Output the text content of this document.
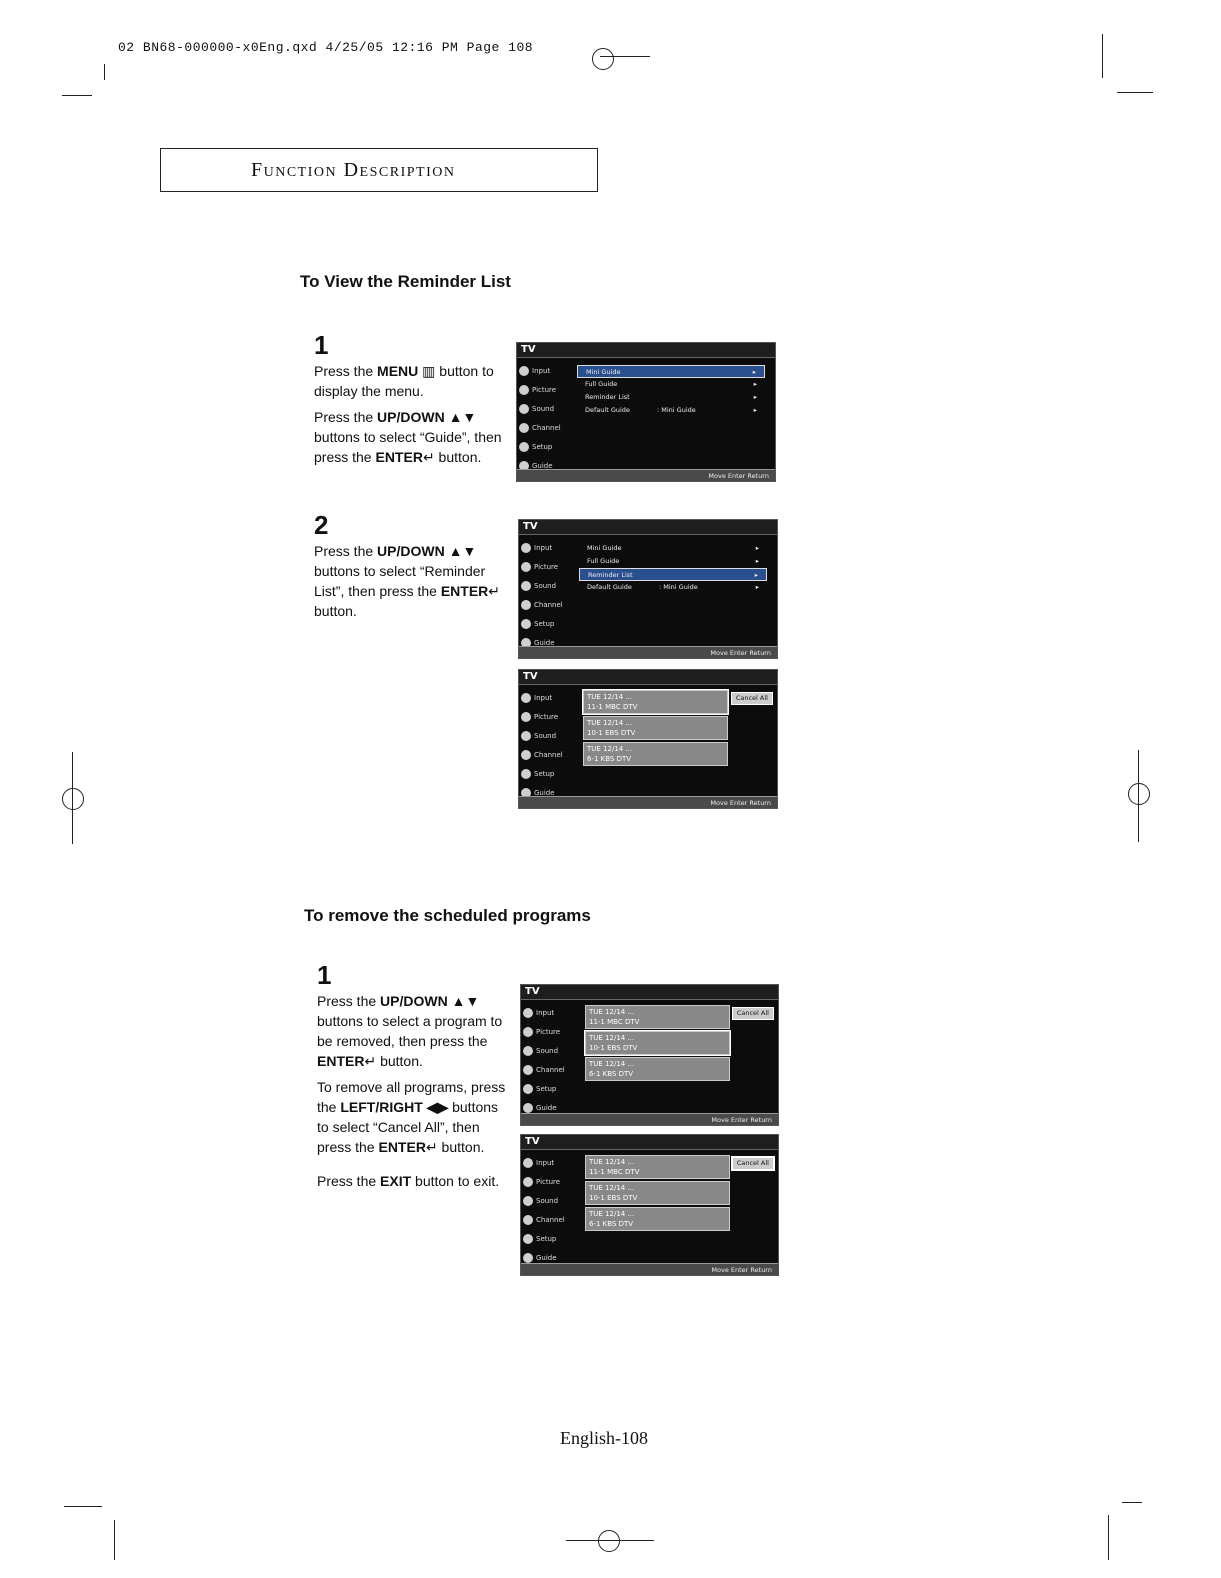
02 BN68-000000-x0Eng.qxd 4/25/05 12:16 PM Page 108
Function Description
To View the Reminder List
1
Press the MENU ▥ button to display the menu.
Press the UP/DOWN ▲▼ buttons to select “Guide”, then press the ENTER↵ button.
2
Press the UP/DOWN ▲▼ buttons to select “Reminder List”, then press the ENTER↵ button.
TV
Input
Picture
Sound
Channel
Setup
Guide
Mini Guide	▸
Full Guide	▸
Reminder List	▸
Default Guide	: Mini Guide	▸
Move Enter Return
TV
Input
Picture
Sound
Channel
Setup
Guide
Mini Guide	▸
Full Guide	▸
Reminder List	▸
Default Guide	: Mini Guide	▸
Move Enter Return
TV
Input
Picture
Sound
Channel
Setup
Guide
TUE 12/14 ...
11-1 MBC DTV
TUE 12/14 ...
10-1 EBS DTV
TUE 12/14 ...
6-1 KBS DTV
Cancel All
Move Enter Return
To remove the scheduled programs
1
Press the UP/DOWN ▲▼ buttons to select a program to be removed, then press the ENTER↵ button.
To remove all programs, press the LEFT/RIGHT ◀▶ buttons to select “Cancel All”, then press the ENTER↵ button.
Press the EXIT button to exit.
TV
Input
Picture
Sound
Channel
Setup
Guide
TUE 12/14 ...
11-1 MBC DTV
TUE 12/14 ...
10-1 EBS DTV
TUE 12/14 ...
6-1 KBS DTV
Cancel All
Move Enter Return
TV
Input
Picture
Sound
Channel
Setup
Guide
TUE 12/14 ...
11-1 MBC DTV
TUE 12/14 ...
10-1 EBS DTV
TUE 12/14 ...
6-1 KBS DTV
Cancel All
Move Enter Return
English-108
